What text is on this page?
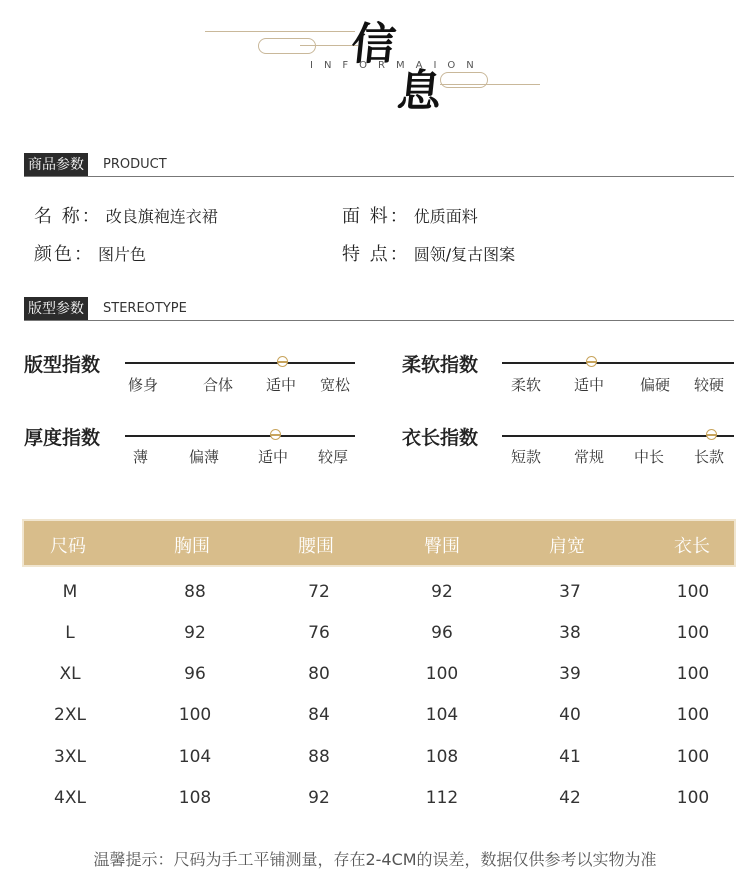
信
息
INFORMAION
商品参数	PRODUCT
名 称： 改良旗袍连衣裙	面 料： 优质面料
颜色： 图片色	特 点： 圆领/复古图案
版型参数	STEREOTYPE
版型指数
修身	合体 适中 宽松
柔软指数
柔软 适中 偏硬 较硬
厚度指数
薄	偏薄	适中 较厚
衣长指数
短款 常规 中长 长款
尺码	胸围	腰围	臀围	肩宽	衣长
M	88	72	92	37	100
L	92	76	96	38	100
XL	96	80	100	39	100
2XL	100	84	104	40	100
3XL	104	88	108	41	100
4XL	108	92	112	42	100
温馨提示：尺码为手工平铺测量，存在2-4CM的误差，数据仅供参考以实物为准
